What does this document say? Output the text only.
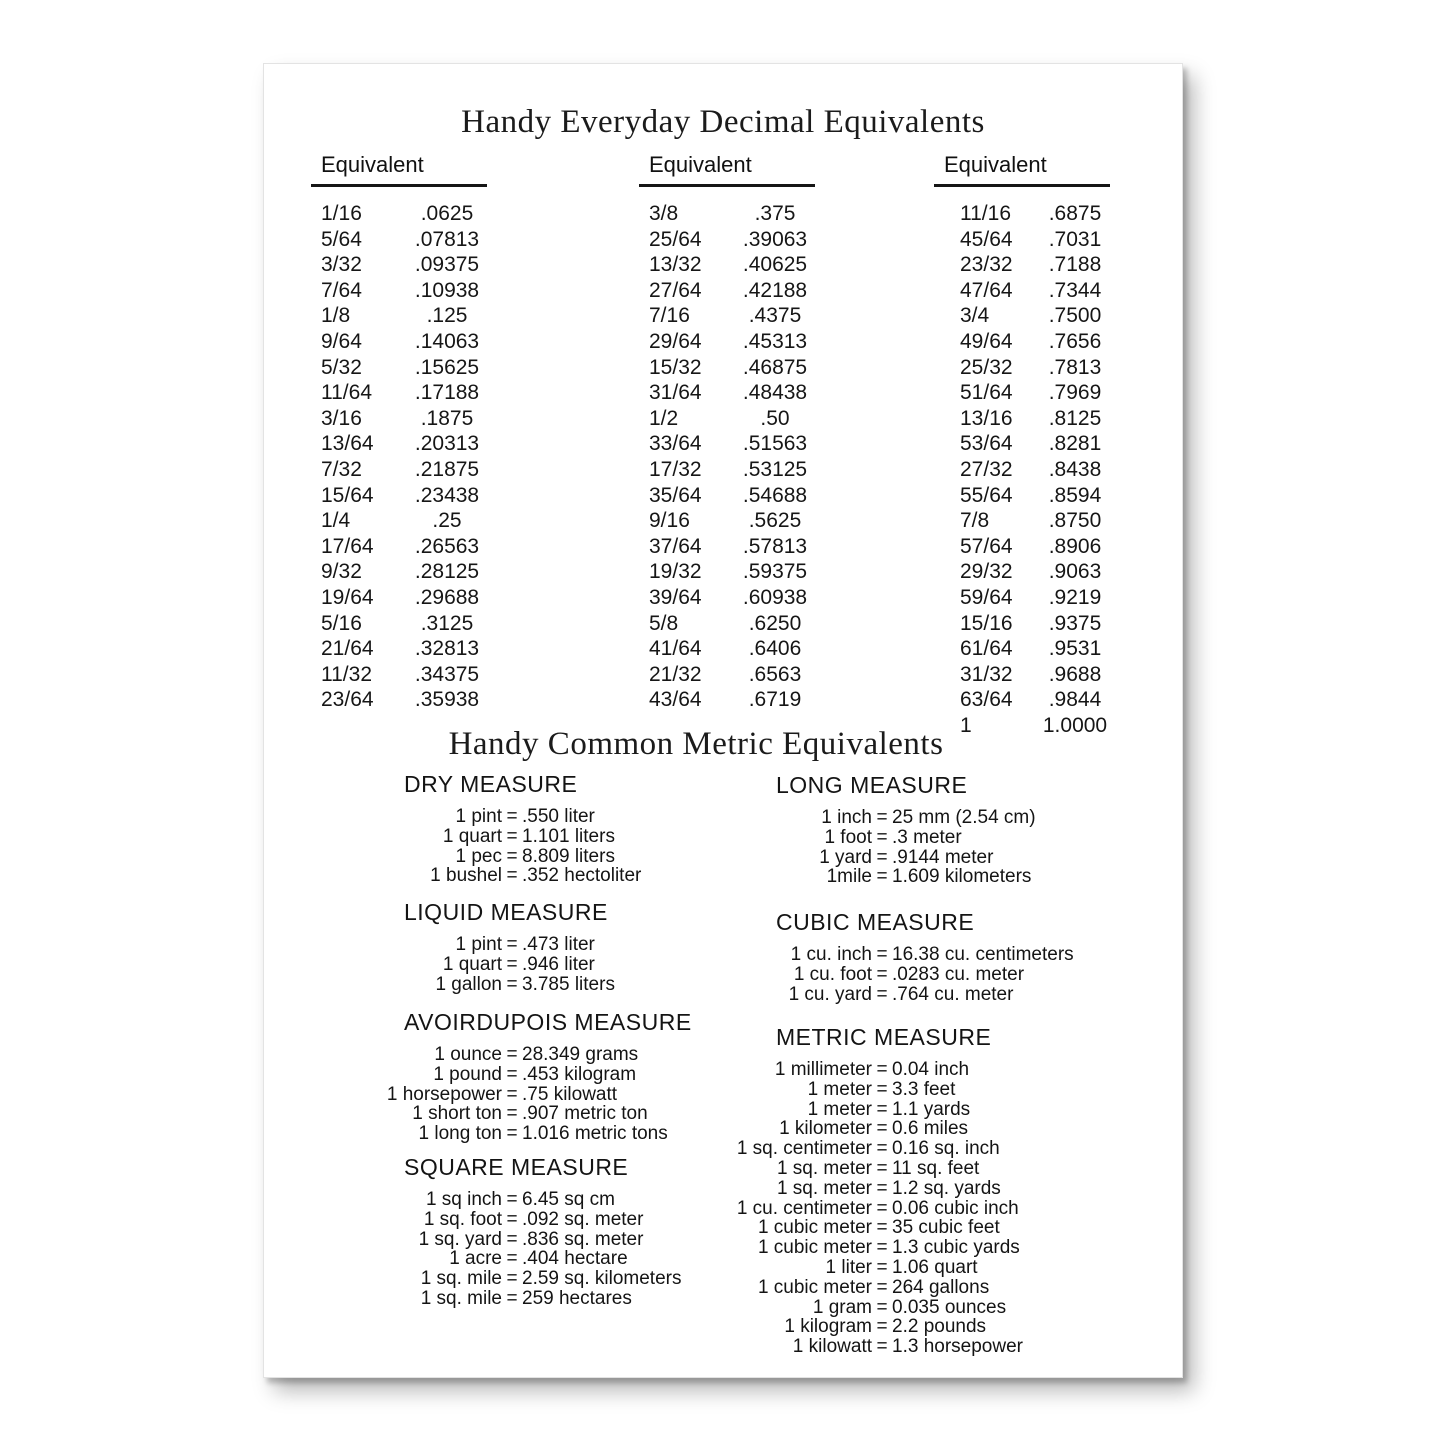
Handy Everyday Decimal Equivalents
Equivalent
1/16	.0625
5/64	.07813
3/32	.09375
7/64	.10938
1/8	.125
9/64	.14063
5/32	.15625
11/64	.17188
3/16	.1875
13/64	.20313
7/32	.21875
15/64	.23438
1/4	.25
17/64	.26563
9/32	.28125
19/64	.29688
5/16	.3125
21/64	.32813
11/32	.34375
23/64	.35938
Equivalent
3/8	.375
25/64	.39063
13/32	.40625
27/64	.42188
7/16	.4375
29/64	.45313
15/32	.46875
31/64	.48438
1/2	.50
33/64	.51563
17/32	.53125
35/64	.54688
9/16	.5625
37/64	.57813
19/32	.59375
39/64	.60938
5/8	.6250
41/64	.6406
21/32	.6563
43/64	.6719
Equivalent
11/16	.6875
45/64	.7031
23/32	.7188
47/64	.7344
3/4	.7500
49/64	.7656
25/32	.7813
51/64	.7969
13/16	.8125
53/64	.8281
27/32	.8438
55/64	.8594
7/8	.8750
57/64	.8906
29/32	.9063
59/64	.9219
15/16	.9375
61/64	.9531
31/32	.9688
63/64	.9844
1	1.0000
Handy Common Metric Equivalents
DRY MEASURE
1 pint = .550 liter
1 quart = 1.101 liters
1 pec = 8.809 liters
1 bushel = .352 hectoliter
LIQUID MEASURE
1 pint = .473 liter
1 quart = .946 liter
1 gallon = 3.785 liters
AVOIRDUPOIS MEASURE
1 ounce = 28.349 grams
1 pound = .453 kilogram
1 horsepower = .75 kilowatt
1 short ton = .907 metric ton
1 long ton = 1.016 metric tons
SQUARE MEASURE
1 sq inch = 6.45 sq cm
1 sq. foot = .092 sq. meter
1 sq. yard = .836 sq. meter
1 acre = .404 hectare
1 sq. mile = 2.59 sq. kilometers
1 sq. mile = 259 hectares
LONG MEASURE
1 inch = 25 mm (2.54 cm)
1 foot = .3 meter
1 yard = .9144 meter
1mile = 1.609 kilometers
CUBIC MEASURE
1 cu. inch = 16.38 cu. centimeters
1 cu. foot = .0283 cu. meter
1 cu. yard = .764 cu. meter
METRIC MEASURE
1 millimeter = 0.04 inch
1 meter = 3.3 feet
1 meter = 1.1 yards
1 kilometer = 0.6 miles
1 sq. centimeter = 0.16 sq. inch
1 sq. meter = 11 sq. feet
1 sq. meter = 1.2 sq. yards
1 cu. centimeter = 0.06 cubic inch
1 cubic meter = 35 cubic feet
1 cubic meter = 1.3 cubic yards
1 liter = 1.06 quart
1 cubic meter = 264 gallons
1 gram = 0.035 ounces
1 kilogram = 2.2 pounds
1 kilowatt = 1.3 horsepower
